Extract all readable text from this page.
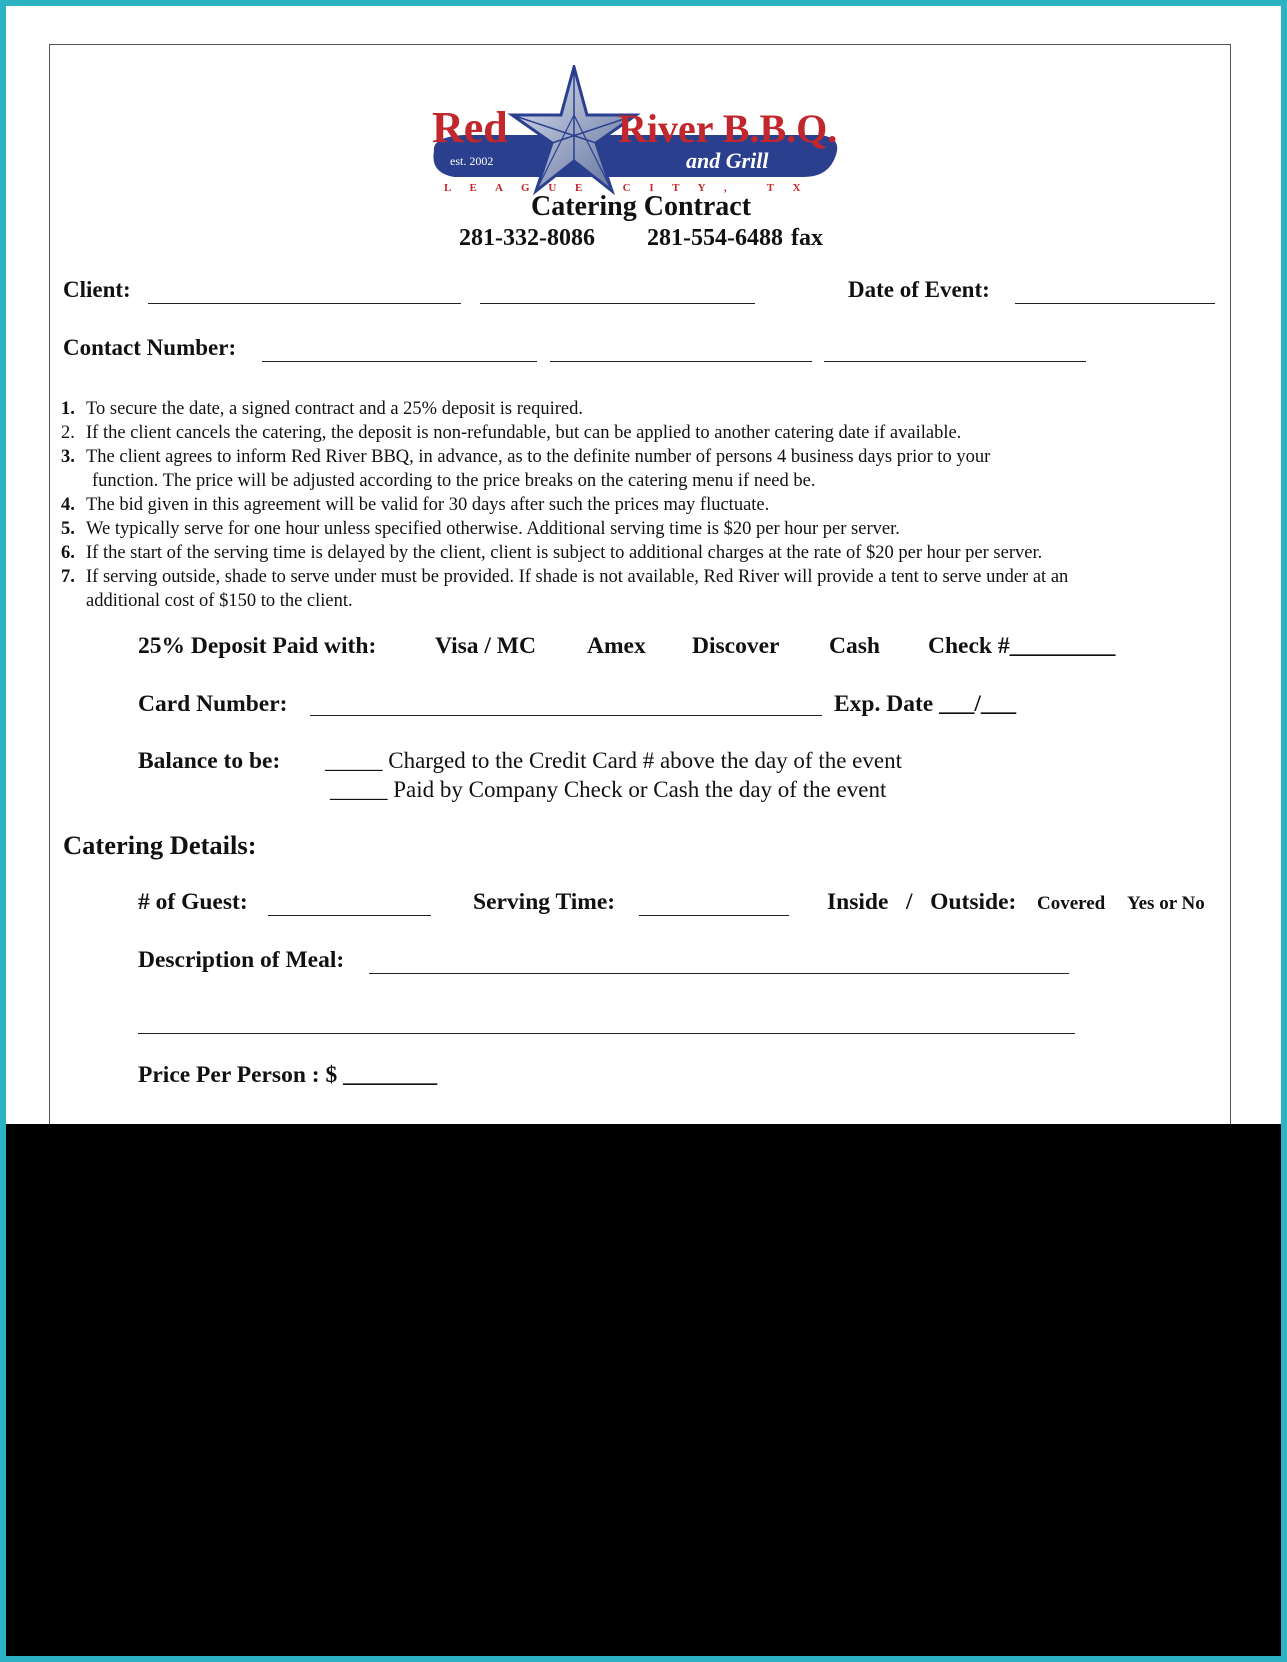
Red	River B.B.Q.
est. 2002	and Grill
L E A G U E   C I T Y ,   T X
Catering Contract
281-332-8086 281-554-6488 fax
Client:	Date of Event:
Contact Number:
1. To secure the date, a signed contract and a 25% deposit is required.
2. If the client cancels the catering, the deposit is non-refundable, but can be applied to another catering date if available.
3. The client agrees to inform Red River BBQ, in advance, as to the definite number of persons 4 business days prior to your
function. The price will be adjusted according to the price breaks on the catering menu if need be.
4. The bid given in this agreement will be valid for 30 days after such the prices may fluctuate.
5. We typically serve for one hour unless specified otherwise. Additional serving time is $20 per hour per server.
6. If the start of the serving time is delayed by the client, client is subject to additional charges at the rate of $20 per hour per server.
7. If serving outside, shade to serve under must be provided. If shade is not available, Red River will provide a tent to serve under at an
additional cost of $150 to the client.
25% Deposit Paid with: Visa / MC Amex Discover Cash Check #_________
Card Number:	Exp. Date ___/___
Balance to be: _____ Charged to the Credit Card # above the day of the event
_____ Paid by Company Check or Cash the day of the event
Catering Details:
# of Guest:	Serving Time:	Inside   /   Outside: Covered Yes or No
Description of Meal:
Price Per Person : $ ________
